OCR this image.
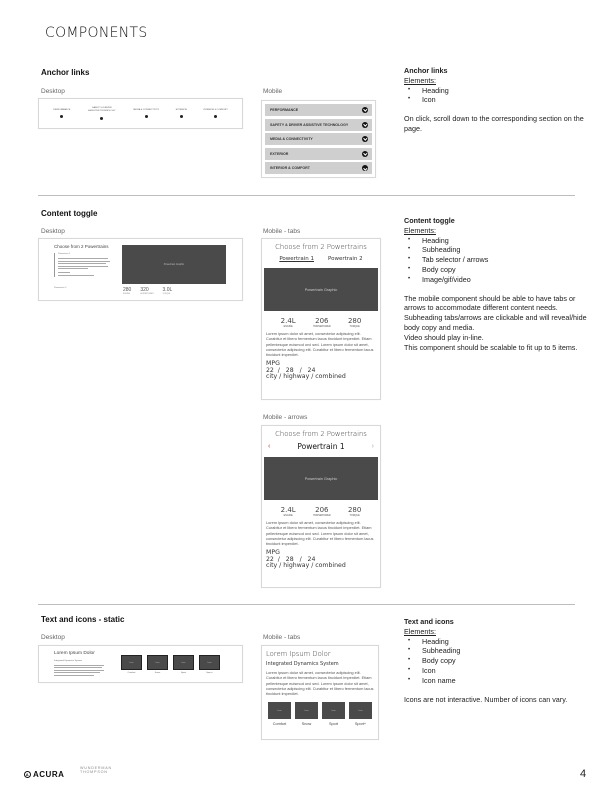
COMPONENTS
Anchor links
Desktop	Mobile
PERFORMANCE
SAFETY & DRIVER ASSISTIVE TECHNOLOGY
MEDIA & CONNECTIVITY	EXTERIOR	INTERIOR & COMFORT	PERFORMANCE
SAFETY & DRIVER ASSISTIVE TECHNOLOGY
MEDIA & CONNECTIVITY
EXTERIOR
INTERIOR & COMFORT
Anchor links
Elements:
• Heading
• Icon

On click, scroll down to the corresponding section on the page.

Content toggle
Desktop	Mobile - tabs
Choose from 2 Powertrains
Powertrain 1
Powertrain 2
Powertrain Graphic
280
ENGINE
320
HORSEPOWER
3.0L
TORQUE
Choose from 2 Powertrains
Powertrain 1	Powertrain 2
Powertrain Graphic
2.4L
ENGINE
206
HORSEPOWER
280
TORQUE
Lorem ipsum dolor sit amet, consectetur adipiscing elit. Curabitur et libero fermentum lacus tincidunt imperdiet. Etiam pellentesque euismod orci sed. Lorem ipsum dolor sit amet, consectetur adipiscing elit. Curabitur et libero fermentum lacus tincidunt imperdiet.
MPG
22  /   28   /   24
city / highway / combined
Mobile - arrows
Choose from 2 Powertrains
‹	Powertrain 1	›
Powertrain Graphic
2.4L
ENGINE
206
HORSEPOWER
280
TORQUE
Lorem ipsum dolor sit amet, consectetur adipiscing elit. Curabitur et libero fermentum lacus tincidunt imperdiet. Etiam pellentesque euismod orci sed. Lorem ipsum dolor sit amet, consectetur adipiscing elit. Curabitur et libero fermentum lacus tincidunt imperdiet.
MPG
22  /   28   /   24
city / highway / combined
Content toggle
Elements:
• Heading
• Subheading
• Tab selector / arrows
• Body copy
• Image/gif/video

The mobile component should be able to have tabs or arrows to accommodate different content needs.

Subheading tabs/arrows are clickable and will reveal/hide body copy and media.
Video should play in-line.
This component should be scalable to fit up to 5 items.
Text and icons - static
Desktop	Mobile - tabs
Lorem Ipsum Dolor
Integrated Dynamics System
Icon
Comfort
Icon
Snow
Icon
Sport
Icon
Sport+
Lorem Ipsum Dolor
Integrated Dynamics System
Lorem ipsum dolor sit amet, consectetur adipiscing elit. Curabitur et libero fermentum lacus tincidunt imperdiet. Etiam pellentesque euismod orci sed. Lorem ipsum dolor sit amet, consectetur adipiscing elit. Curabitur et libero fermentum lacus tincidunt imperdiet.
Icon
Comfort
Icon
Snow
Icon
Sport
Icon
Sport+
Text and icons
Elements:
• Heading
• Subheading
• Body copy
• Icon
• Icon name

Icons are not interactive. Number of icons can vary.

A ACURA
WUNDERMAN
THOMPSON	4
